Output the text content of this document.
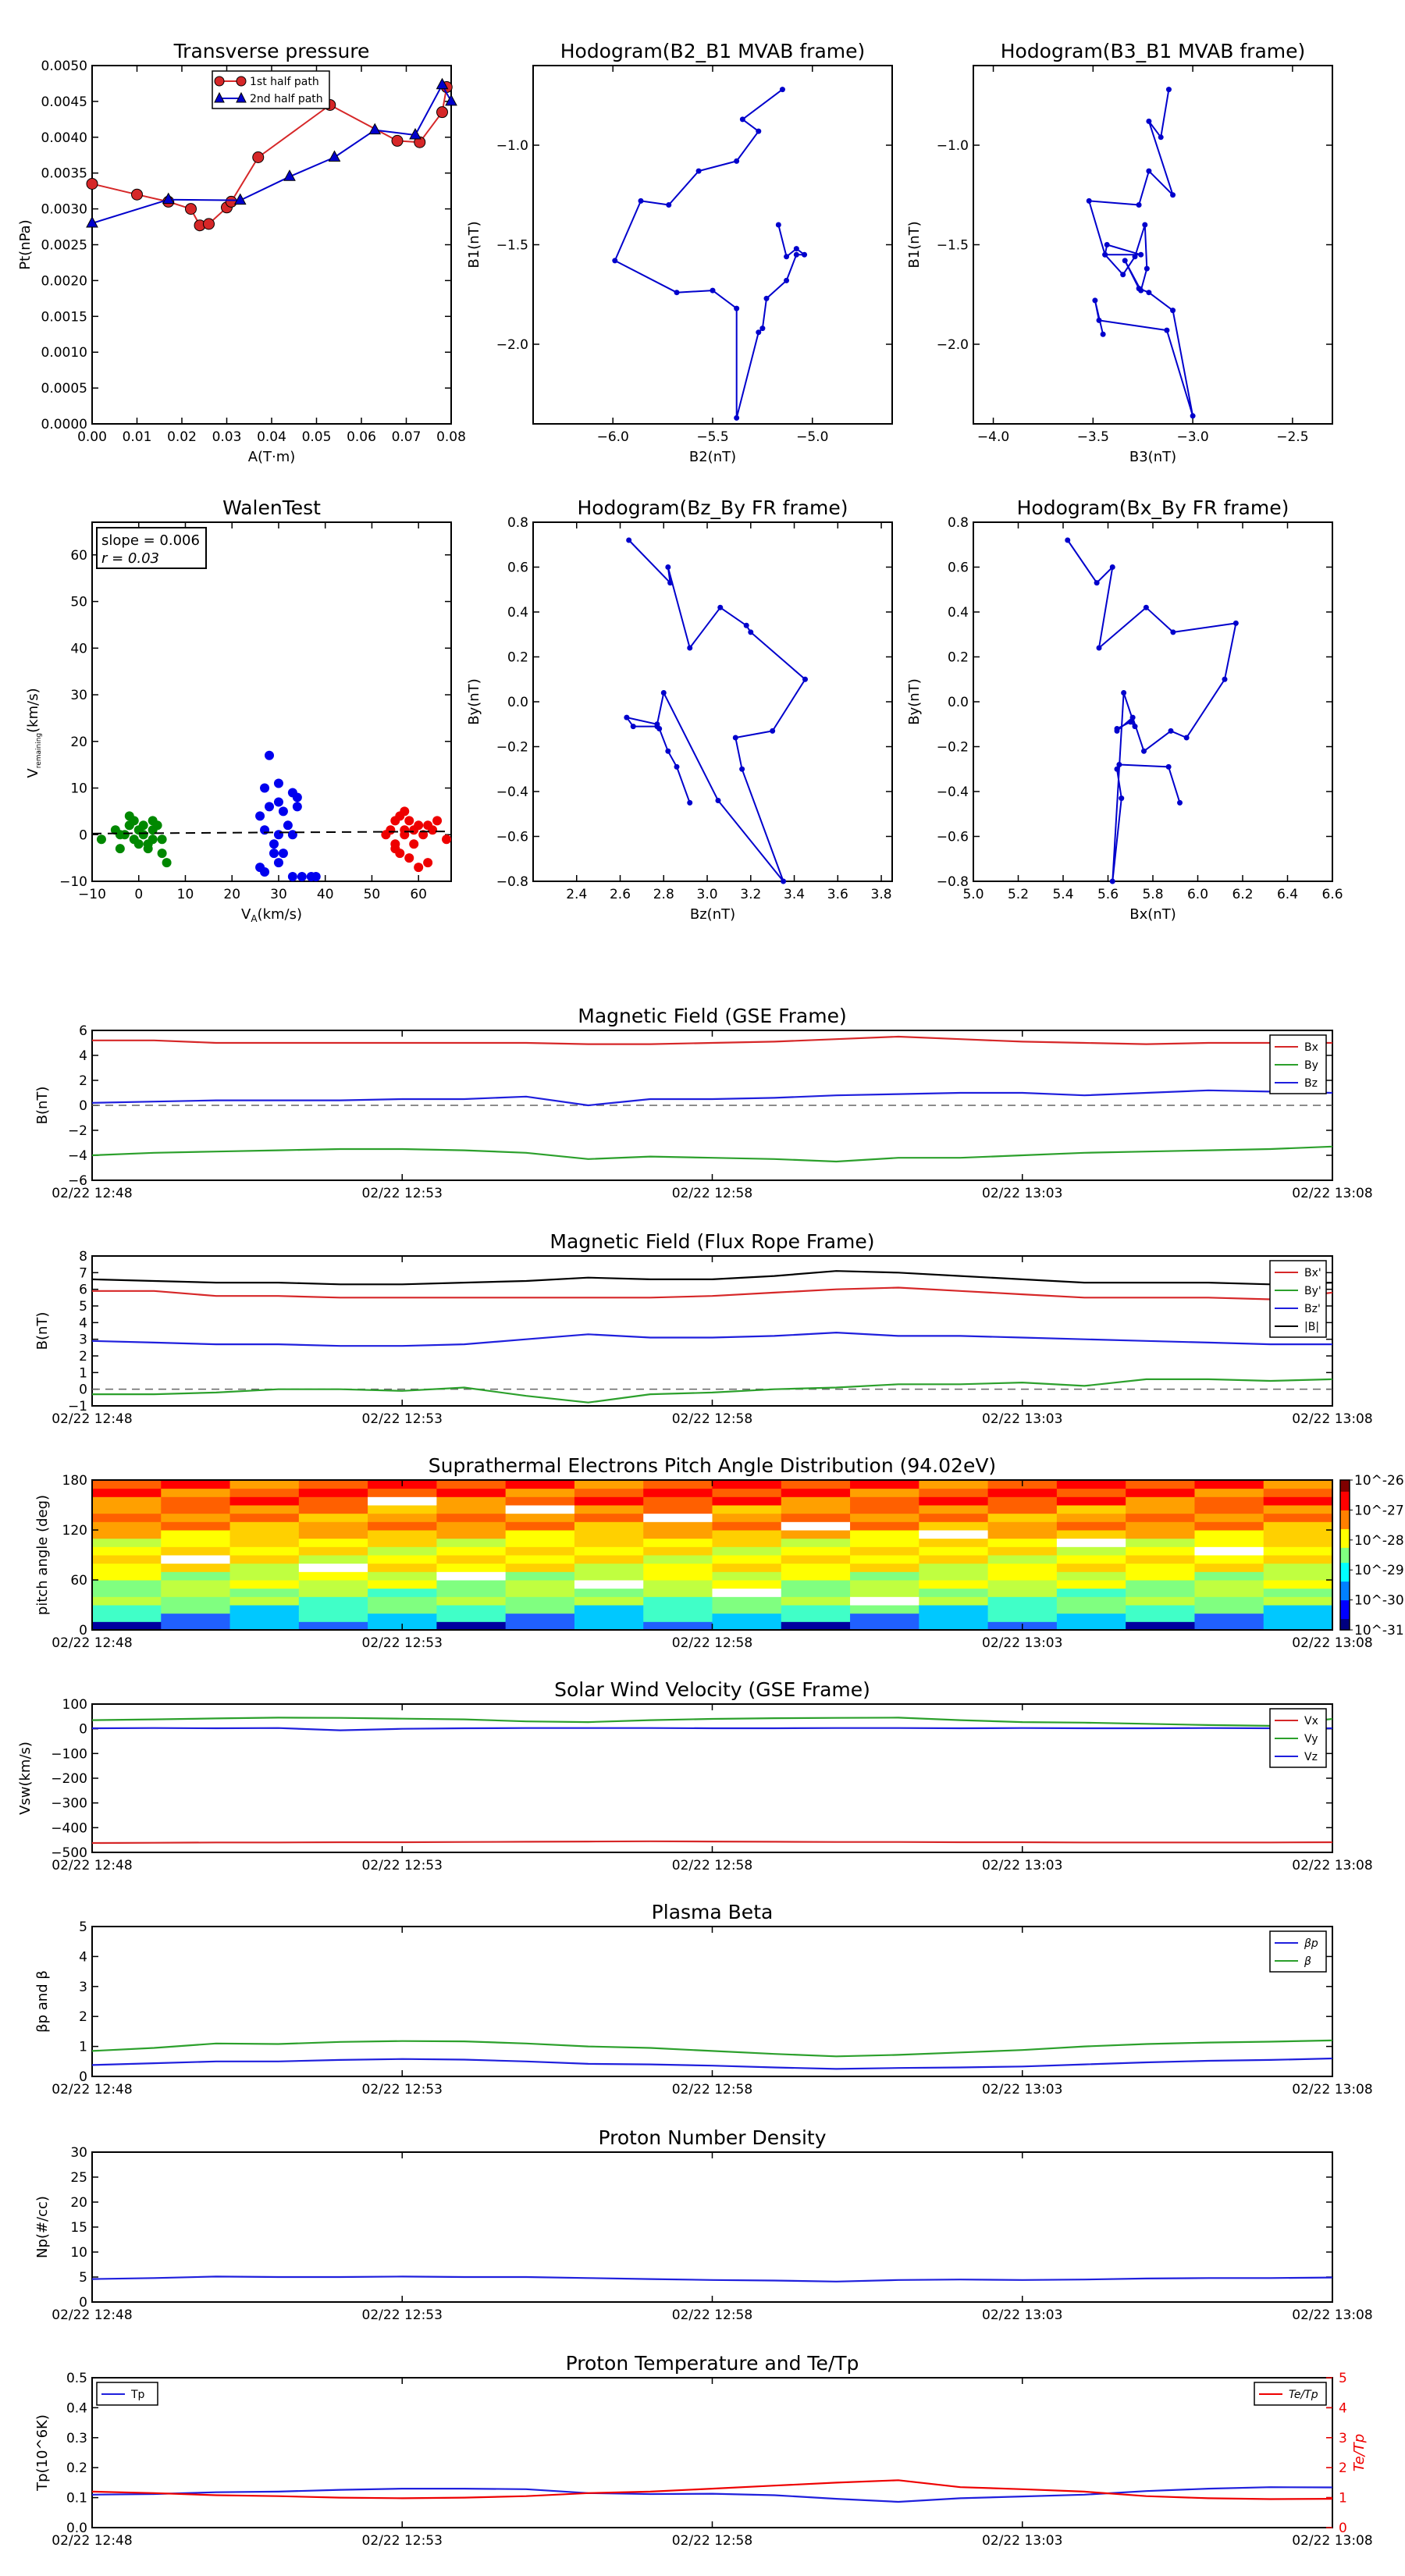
Transverse pressure
0.00 0.01 0.02 0.03 0.04 0.05 0.06 0.07 0.08
0.0000
0.0005
0.0010
0.0015
0.0020
0.0025
0.0030
0.0035
0.0040
0.0045
0.0050
A(T·m)
Pt(nPa)
1st half path
2nd half path
Hodogram(B2_B1 MVAB frame)
−6.0	−5.5	−5.0
−2.0
−1.5
−1.0
B2(nT)
B1(nT)
Hodogram(B3_B1 MVAB frame)
−4.0	−3.5	−3.0	−2.5
−2.0
−1.5
−1.0
B3(nT)
B1(nT)
Hodogram(Bz_By FR frame)
2.4 2.6 2.8 3.0 3.2 3.4 3.6 3.8
−0.8
−0.6
−0.4
−0.2
0.0
0.2
0.4
0.6
0.8
Bz(nT)
By(nT)
Hodogram(Bx_By FR frame)
5.0 5.2 5.4 5.6 5.8 6.0 6.2 6.4 6.6
−0.8
−0.6
−0.4
−0.2
0.0
0.2
0.4
0.6
0.8
Bx(nT)
By(nT)
WalenTest
−10 0	10 20 30 40 50 60
−10
0
10
20
30
40
50
60
slope = 0.006
r = 0.03
$V_A(km/s)$
$V_{remaining}(km/s)$
Magnetic Field (GSE Frame)
02/22 12:48	02/22 12:53	02/22 12:58	02/22 13:03	02/22 13:08
−6
−4
−2
0
2
4
6
B(nT)
Bx
By
Bz
Magnetic Field (Flux Rope Frame)
02/22 12:48	02/22 12:53	02/22 12:58	02/22 13:03	02/22 13:08
−1
0
1
2
3
4
5
6
7
8
B(nT)
Bx'
By'
Bz'
|B|
Solar Wind Velocity (GSE Frame)
02/22 12:48	02/22 12:53	02/22 12:58	02/22 13:03	02/22 13:08
−500
−400
−300
−200
−100
0
100
Vsw(km/s)
Vx
Vy
Vz
Plasma Beta
02/22 12:48	02/22 12:53	02/22 12:58	02/22 13:03	02/22 13:08
0
1
2
3
4
5
βp and β
βp
β
Proton Number Density
02/22 12:48	02/22 12:53	02/22 12:58	02/22 13:03	02/22 13:08
0
5
10
15
20
25
30
Np(#/cc)
Proton Temperature and Te/Tp
02/22 12:48	02/22 12:53	02/22 12:58	02/22 13:03	02/22 13:08
0.0
0.1
0.2
0.3
0.4
0.5
0
1
2
3
4
5
Tp(10^6K)	Te/Tp
Tp	Te/Tp
Suprathermal Electrons Pitch Angle Distribution (94.02eV)
02/22 12:48	02/22 12:53	02/22 12:58	02/22 13:03	02/22 13:08
0
60
120
180
pitch angle (deg)
10^-26
10^-27
10^-28
10^-29
10^-30
10^-31
